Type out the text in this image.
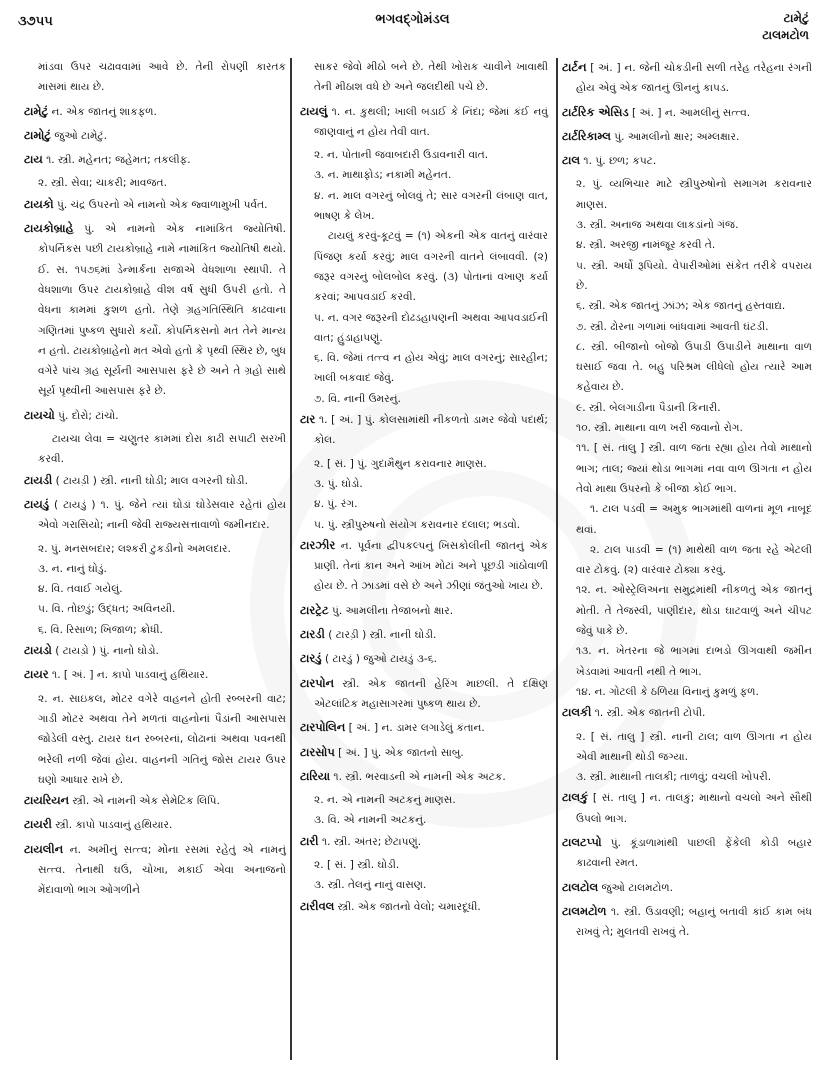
૩૭૫૫	ભગવદ્ગોમંડલ	ટામેટું
ટાલમટોળ
માંડવા ઉપર ચઢાવવામાં આવે છે. તેની રોપણી કારતક માસમાં થાય છે.
ટામેટું ન. એક જાતનું શાકફળ.
ટામોટું જુઓ ટામેટું.
ટાય ૧. સ્ત્રી. મહેનત; જહેમત; તકલીફ.
૨. સ્ત્રી. સેવા; ચાકરી; માવજત.
ટાયકો પું. ચંદ્ર ઉપરનો એ નામનો એક જ્વાળામુખી પર્વત.
ટાયકોબ્રાહે પું. એ નામનો એક નામાંકિત જ્યોતિષી. કોપર્નિકસ પછી ટાયકોબ્રાહે નામે નામાંકિત જ્યોતિષી થયો. ઈ. સ. ૧૫૭૬માં ડેન્માર્કના રાજાએ વેધશાળા સ્થાપી. તે વેધશાળા ઉપર ટાયકોબ્રાહે વીશ વર્ષ સુધી ઉપરી હતો. તે વેધના કામમાં કુશળ હતો. તેણે ગ્રહગતિસ્થિતિ કાઢવાના ગણિતમાં પુષ્કળ સુધારો કર્યો. કોપર્નિકસનો મત તેને માન્ય ન હતો. ટાયકોબ્રાહેનો મત એવો હતો કે પૃથ્વી સ્થિર છે, બુધ વગેરે પાંચ ગ્રહ સૂર્યની આસપાસ ફરે છે અને તે ગ્રહો સાથે સૂર્ય પૃથ્વીની આસપાસ ફરે છે.
ટાયચો પું. દોરો; ટાંચો.
ટાયચા લેવા = ચણુતર કામમાં દોરા કાઢી સપાટી સરખી કરવી.
ટાયડી ( ટાયડ઼ી ) સ્ત્રી. નાની ઘોડી; માલ વગરની ઘોડી.
ટાયડું ( ટાયડ઼ું ) ૧. પું. જેને ત્યાં ઘોડાં ઘોડેસવાર રહેતાં હોય એવો ગરાસિયો; નાની જેવી રાજ્યસત્તાવાળો જમીનદાર.
૨. પું. મનસબદાર; લશ્કરી ટુકડીનો અમલદાર.
૩. ન. નાનું ઘોડું.
૪. વિ. તવાઈ ગયેલું.
૫. વિ. તોછડું; ઉદ્ધત; અવિનયી.
૬. વિ. રિસાળ; ખિજાળ; ક્રોધી.
ટાયડો ( ટાયડ઼ો ) પું. નાનો ઘોડો.
ટાયર ૧. [ અં. ] ન. કાપો પાડવાનું હથિયાર.
૨. ન. સાઇકલ, મોટર વગેરે વાહનને હોતી રબ્બરની વાટ; ગાડી મોટર અથવા તેને મળતાં વાહનોનાં પૈડાંની આસપાસ જોડેલી વસ્તુ. ટાયર ઘન રબ્બરનાં, લોઢાનાં અથવા પવનથી ભરેલી નળી જેવાં હોય. વાહનની ગતિનું જોસ ટાયર ઉપર ઘણો આધાર રાખે છે.
ટાયરિયન સ્ત્રી. એ નામની એક સેમેટિક લિપિ.
ટાયરી સ્ત્રી. કાપો પાડવાનું હથિયાર.
ટાયલીન ન. અમીનું સત્ત્વ; મોંના રસમાં રહેતું એ નામનું સત્ત્વ. તેનાથી ઘઉં, ચોખા, મકાઈ એવા અનાજનો મેંદાવાળો ભાગ ઓગળીને
સાકર જેવો મીઠો બને છે. તેથી ખોરાક ચાવીને ખાવાથી તેની મીઠાશ વધે છે અને જલદીથી પચે છે.
ટાયલું ૧. ન. કુથલી; ખાલી બડાઈ કે નિંદા; જેમાં કંઈ નવું જાણવાનું ન હોય તેવી વાત.
૨. ન. પોતાની જવાબદારી ઉડાવનારી વાત.
૩. ન. માથાફોડ; નકામી મહેનત.
૪. ન. માલ વગરનું બોલવું તે; સાર વગરની લંબાણ વાત, ભાષણ કે લેખ.
ટાયલું કરવું-કૂટવું = (૧) એકની એક વાતનું વારંવાર પિંજણ કર્યા કરવું; માલ વગરની વાતને લંબાવવી. (૨) જરૂર વગરનું બોલબોલ કરવું. (૩) પોતાનાં વખાણ કર્યા કરવાં; આપવડાઈ કરવી.
૫. ન. વગર જરૂરની દોઢડહાપણની અથવા આપવડાઈની વાત; હુંડાહાપણું.
૬. વિ. જેમાં તત્ત્વ ન હોય એવું; માલ વગરનું; સારહીન; ખાલી બકવાદ જેવું.
૭. વિ. નાની ઉમરનું.
ટાર ૧. [ અં. ] પું. કોલસામાંથી નીકળતો ડામર જેવો પદાર્થ; કોલ.
૨. [ સં. ] પું. ગુદામૈથુન કરાવનાર માણસ.
૩. પું. ઘોડો.
૪. પું. રંગ.
૫. પું. સ્ત્રીપુરુષનો સંયોગ કરાવનાર દલાલ; ભડવો.
ટારઝીર ન. પૂર્વના દ્વીપકલ્પનું ખિસકોલીની જાતનું એક પ્રાણી. તેનાં કાન અને આંખ મોટાં અને પૂછડી ગાંઠોવાળી હોય છે. તે ઝાડમાં વસે છે અને ઝીણાં જંતુઓ ખાય છે.
ટારટ્રેટ પું. આમલીના તેજાબનો ક્ષાર.
ટારડી ( ટારડ઼ી ) સ્ત્રી. નાની ઘોડી.
ટારડું ( ટારડ઼ું ) જુઓ ટાયડું ૩-૬.
ટારપોન સ્ત્રી. એક જાતની હેરિંગ માછલી. તે દક્ષિણ એટલાંટિક મહાસાગરમાં પુષ્કળ થાય છે.
ટારપોલિન [ અં. ] ન. ડામર લગાડેલું કંતાન.
ટારસોપ [ અં. ] પું. એક જાતનો સાબુ.
ટારિયા ૧. સ્ત્રી. ભરવાડની એ નામની એક અટક.
૨. ન. એ નામની અટકનું માણસ.
૩. વિ. એ નામની અટકનું.
ટારી ૧. સ્ત્રી. અંતર; છેટાપણું.
૨. [ સં. ] સ્ત્રી. ઘોડી.
૩. સ્ત્રી. તેલનું નાનું વાસણ.
ટારીવલ સ્ત્રી. એક જાતનો વેલો; ચમારદૂધી.
ટાર્ટન [ અં. ] ન. જેની ચોકડીની સળી તરેહ તરેહના રંગની હોય એવું એક જાતનું ઊનનું કાપડ.
ટાર્ટરિક એસિડ [ અં. ] ન. આમલીનું સત્ત્વ.
ટાર્ટરિકામ્લ પું. આમલીનો ક્ષાર; અમ્લક્ષાર.
ટાલ ૧. પું. છળ; કપટ.
૨. પું. વ્યભિચાર માટે સ્ત્રીપુરુષોનો સમાગમ કરાવનાર માણસ.
૩. સ્ત્રી. અનાજ અથવા લાકડાંનો ગંજ.
૪. સ્ત્રી. અરજી નામંજૂર કરવી તે.
૫. સ્ત્રી. અર્ધો રૂપિયો. વેપારીઓમાં સંકેત તરીકે વપરાય છે.
૬. સ્ત્રી. એક જાતનું ઝાંઝ; એક જાતનું હસ્તવાદ્ય.
૭. સ્ત્રી. ઢોરના ગળામાં બાંધવામાં આવતી ઘંટડી.
૮. સ્ત્રી. બીજાનો બોજો ઉપાડી ઉપાડીને માથાના વાળ ઘસાઈ જવા તે. બહુ પરિશ્રમ લીધેલો હોય ત્યારે આમ કહેવાય છે.
૯. સ્ત્રી. બેલગાડીના પૈડાની કિનારી.
૧૦. સ્ત્રી. માથાના વાળ ખરી જવાનો રોગ.
૧૧. [ સં. તાલુ ] સ્ત્રી. વાળ જતા રહ્યા હોય તેવો માથાનો ભાગ; તાલ; જ્યાં થોડા ભાગમાં નવા વાળ ઊગતા ન હોય તેવો માથા ઉપરનો કે બીજા કોઈ ભાગ.
૧. ટાલ પડવી = અમુક ભાગમાંથી વાળનાં મૂળ નાબૂદ થવાં.
૨. ટાલ પાડવી = (૧) માથેથી વાળ જતા રહે એટલી વાર ટોકવું. (૨) વારંવાર ટોક્યા કરવું.
૧૨. ન. ઓસ્ટ્રેલિઅના સમુદ્રમાંથી નીકળતું એક જાતનું મોતી. તે તેજસ્વી, પાણીદાર, થોડા ઘાટવાળું અને ચીપટ જેવું પાકે છે.
૧૩. ન. ખેતરના જે ભાગમાં દાભડો ઊગવાથી જમીન ખેડવામાં આવતી નથી તે ભાગ.
૧૪. ન. ગોટલી કે ઠળિયા વિનાનું કુમળું ફળ.
ટાલકી ૧. સ્ત્રી. એક જાતની ટોપી.
૨. [ સં. તાલુ ] સ્ત્રી. નાની ટાલ; વાળ ઊગતા ન હોય એવી માથાની થોડી જગ્યા.
૩. સ્ત્રી. માથાની તાલકી; તાળવું; વચલી ખોપરી.
ટાલકું [ સં. તાલુ ] ન. તાલકું; માથાનો વચલો અને સૌથી ઉપલો ભાગ.
ટાલટપ્પો પું. કૂંડાળામાંથી પાછલી ફેંકેલી કોડી બહાર કાઢવાની રમત.
ટાલટોલ જુઓ ટાલમટોળ.
ટાલમટોળ ૧. સ્ત્રી. ઉડાવણી; બહાનું બતાવી કાંઈ કામ બંધ રાખવું તે; મુલતવી રાખવું તે.
